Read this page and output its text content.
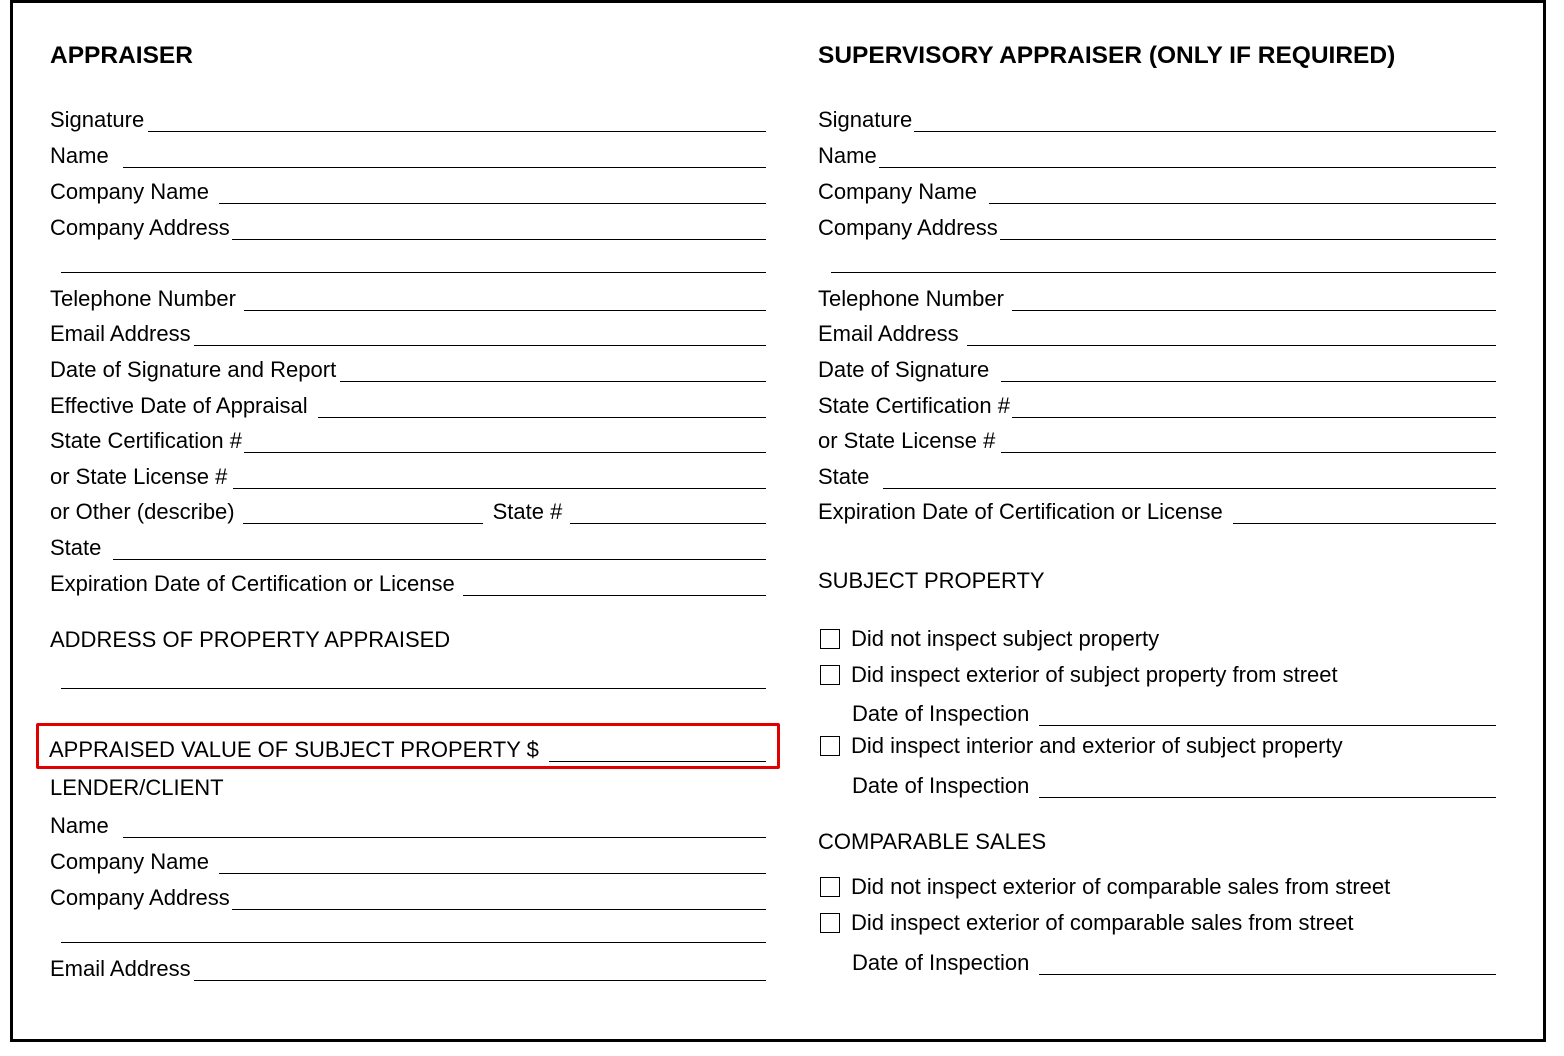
APPRAISER
Signature
Name
Company Name
Company Address
Telephone Number
Email Address
Date of Signature and Report
Effective Date of Appraisal
State Certification #
or State License #
or Other (describe)	State #
State
Expiration Date of Certification or License
ADDRESS OF PROPERTY APPRAISED
APPRAISED VALUE OF SUBJECT PROPERTY $
LENDER/CLIENT
Name
Company Name
Company Address
Email Address
SUPERVISORY APPRAISER (ONLY IF REQUIRED)
Signature
Name
Company Name
Company Address
Telephone Number
Email Address
Date of Signature
State Certification #
or State License #
State
Expiration Date of Certification or License
SUBJECT PROPERTY
Did not inspect subject property
Did inspect exterior of subject property from street
Date of Inspection
Did inspect interior and exterior of subject property
Date of Inspection
COMPARABLE SALES
Did not inspect exterior of comparable sales from street
Did inspect exterior of comparable sales from street
Date of Inspection
